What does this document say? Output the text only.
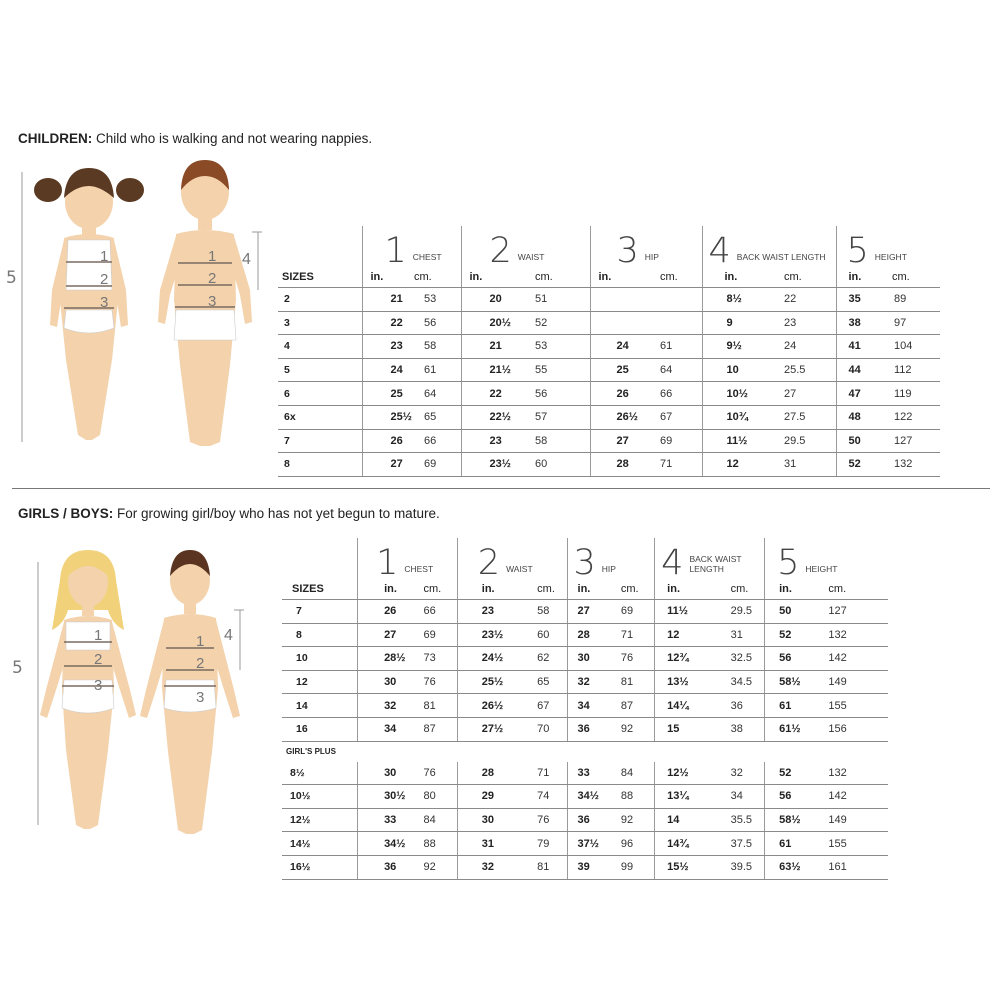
CHILDREN: Child who is walking and not wearing nappies.
5
1
2
3
4
1
2
3
	1 CHEST		2 WAIST		3 HIP		4 BACK WAIST LENGTH		5 HEIGHT	
SIZES	in.	cm.	in.	cm.	in.	cm.	in.	cm.	in.	cm.
2	21	53	20	51			8½	22	35	89
3	22	56	20½	52			9	23	38	97
4	23	58	21	53	24	61	9½	24	41	104
5	24	61	21½	55	25	64	10	25.5	44	112
6	25	64	22	56	26	66	10½	27	47	119
6x	25½	65	22½	57	26½	67	10¾	27.5	48	122
7	26	66	23	58	27	69	11½	29.5	50	127
8	27	69	23½	60	28	71	12	31	52	132
GIRLS / BOYS: For growing girl/boy who has not yet begun to mature.
5
1
2
3
4
1
2
3
	1 CHEST		2 WAIST		3 HIP		4 BACK WAIST LENGTH		5 HEIGHT	
SIZES	in.	cm.	in.	cm.	in.	cm.	in.	cm.	in.	cm.
7	26	66	23	58	27	69	11½	29.5	50	127
8	27	69	23½	60	28	71	12	31	52	132
10	28½	73	24½	62	30	76	12¾	32.5	56	142
12	30	76	25½	65	32	81	13½	34.5	58½	149
14	32	81	26½	67	34	87	14¼	36	61	155
16	34	87	27½	70	36	92	15	38	61½	156
GIRL'S PLUS										
8½	30	76	28	71	33	84	12½	32	52	132
10½	30½	80	29	74	34½	88	13¼	34	56	142
12½	33	84	30	76	36	92	14	35.5	58½	149
14½	34½	88	31	79	37½	96	14¾	37.5	61	155
16½	36	92	32	81	39	99	15½	39.5	63½	161
